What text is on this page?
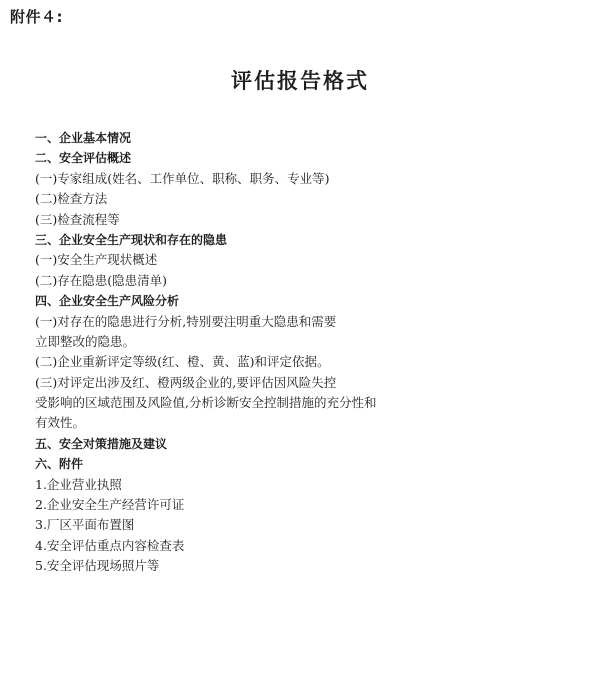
附件４:
评估报告格式
一、企业基本情况
二、安全评估概述
(一)专家组成(姓名、工作单位、职称、职务、专业等)
(二)检查方法
(三)检查流程等
三、企业安全生产现状和存在的隐患
(一)安全生产现状概述
(二)存在隐患(隐患清单)
四、企业安全生产风险分析
(一)对存在的隐患进行分析,特别要注明重大隐患和需要
立即整改的隐患。
(二)企业重新评定等级(红、橙、黄、蓝)和评定依据。
(三)对评定出涉及红、橙两级企业的,要评估因风险失控
受影响的区域范围及风险值,分析诊断安全控制措施的充分性和
有效性。
五、安全对策措施及建议
六、附件
1.企业营业执照
2.企业安全生产经营许可证
3.厂区平面布置图
4.安全评估重点内容检查表
5.安全评估现场照片等
